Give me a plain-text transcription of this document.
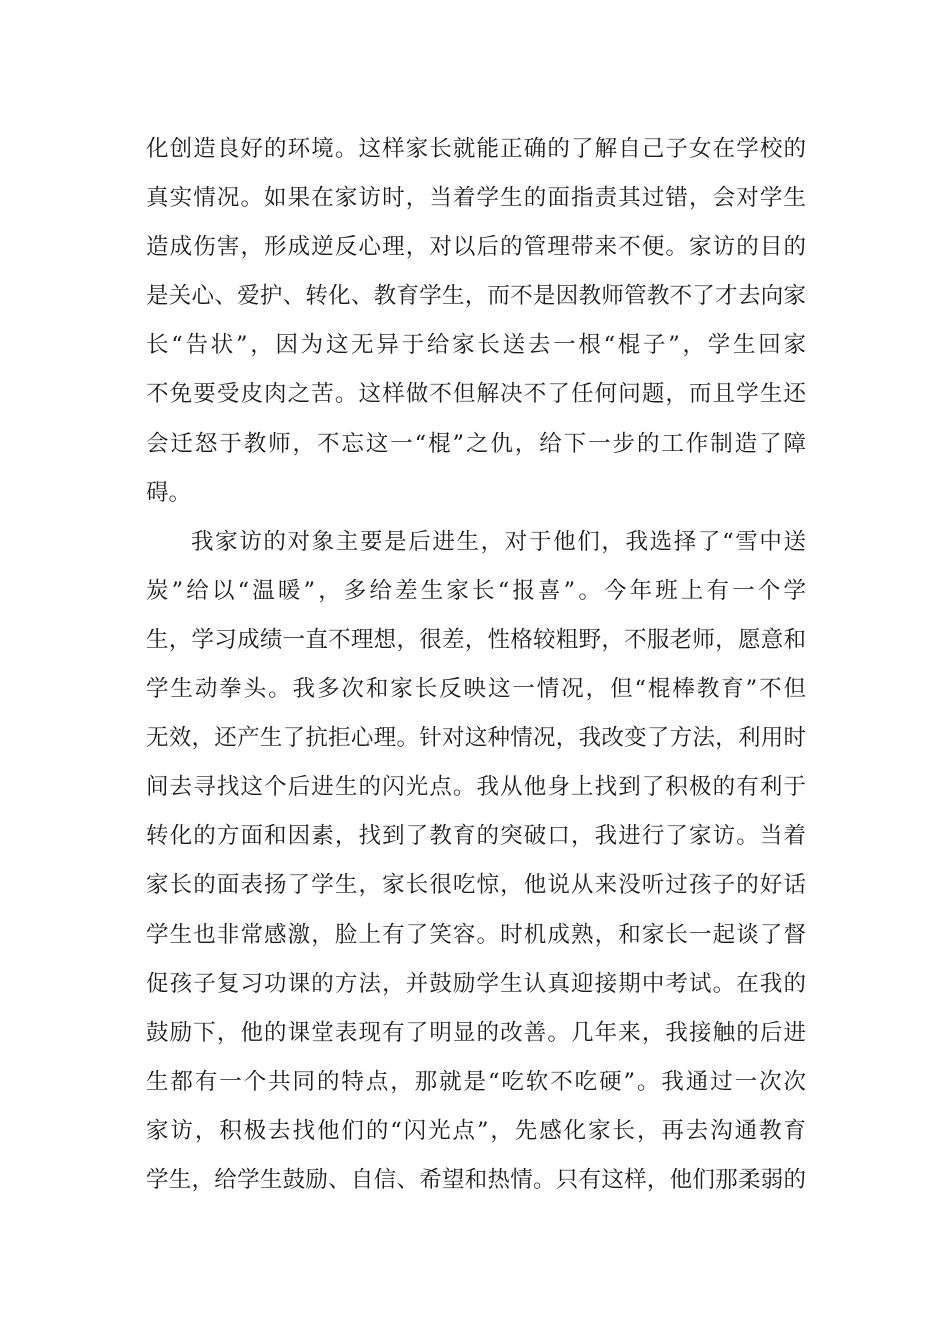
化创造良好的环境。这样家长就能正确的了解自己子女在学校的
真实情况。如果在家访时，当着学生的面指责其过错，会对学生
造成伤害，形成逆反心理，对以后的管理带来不便。家访的目的
是关心、爱护、转化、教育学生，而不是因教师管教不了才去向家
长“告状”，因为这无异于给家长送去一根“棍子”，学生回家
不免要受皮肉之苦。这样做不但解决不了任何问题，而且学生还
会迁怒于教师，不忘这一“棍”之仇，给下一步的工作制造了障
碍。
我家访的对象主要是后进生，对于他们，我选择了“雪中送
炭”给以“温暖”，多给差生家长“报喜”。今年班上有一个学
生，学习成绩一直不理想，很差，性格较粗野，不服老师，愿意和
学生动拳头。我多次和家长反映这一情况，但“棍棒教育”不但
无效，还产生了抗拒心理。针对这种情况，我改变了方法，利用时
间去寻找这个后进生的闪光点。我从他身上找到了积极的有利于
转化的方面和因素，找到了教育的突破口，我进行了家访。当着
家长的面表扬了学生，家长很吃惊，他说从来没听过孩子的好话
学生也非常感激，脸上有了笑容。时机成熟，和家长一起谈了督
促孩子复习功课的方法，并鼓励学生认真迎接期中考试。在我的
鼓励下，他的课堂表现有了明显的改善。几年来，我接触的后进
生都有一个共同的特点，那就是“吃软不吃硬”。我通过一次次
家访，积极去找他们的“闪光点”，先感化家长，再去沟通教育
学生，给学生鼓励、自信、希望和热情。只有这样，他们那柔弱的
